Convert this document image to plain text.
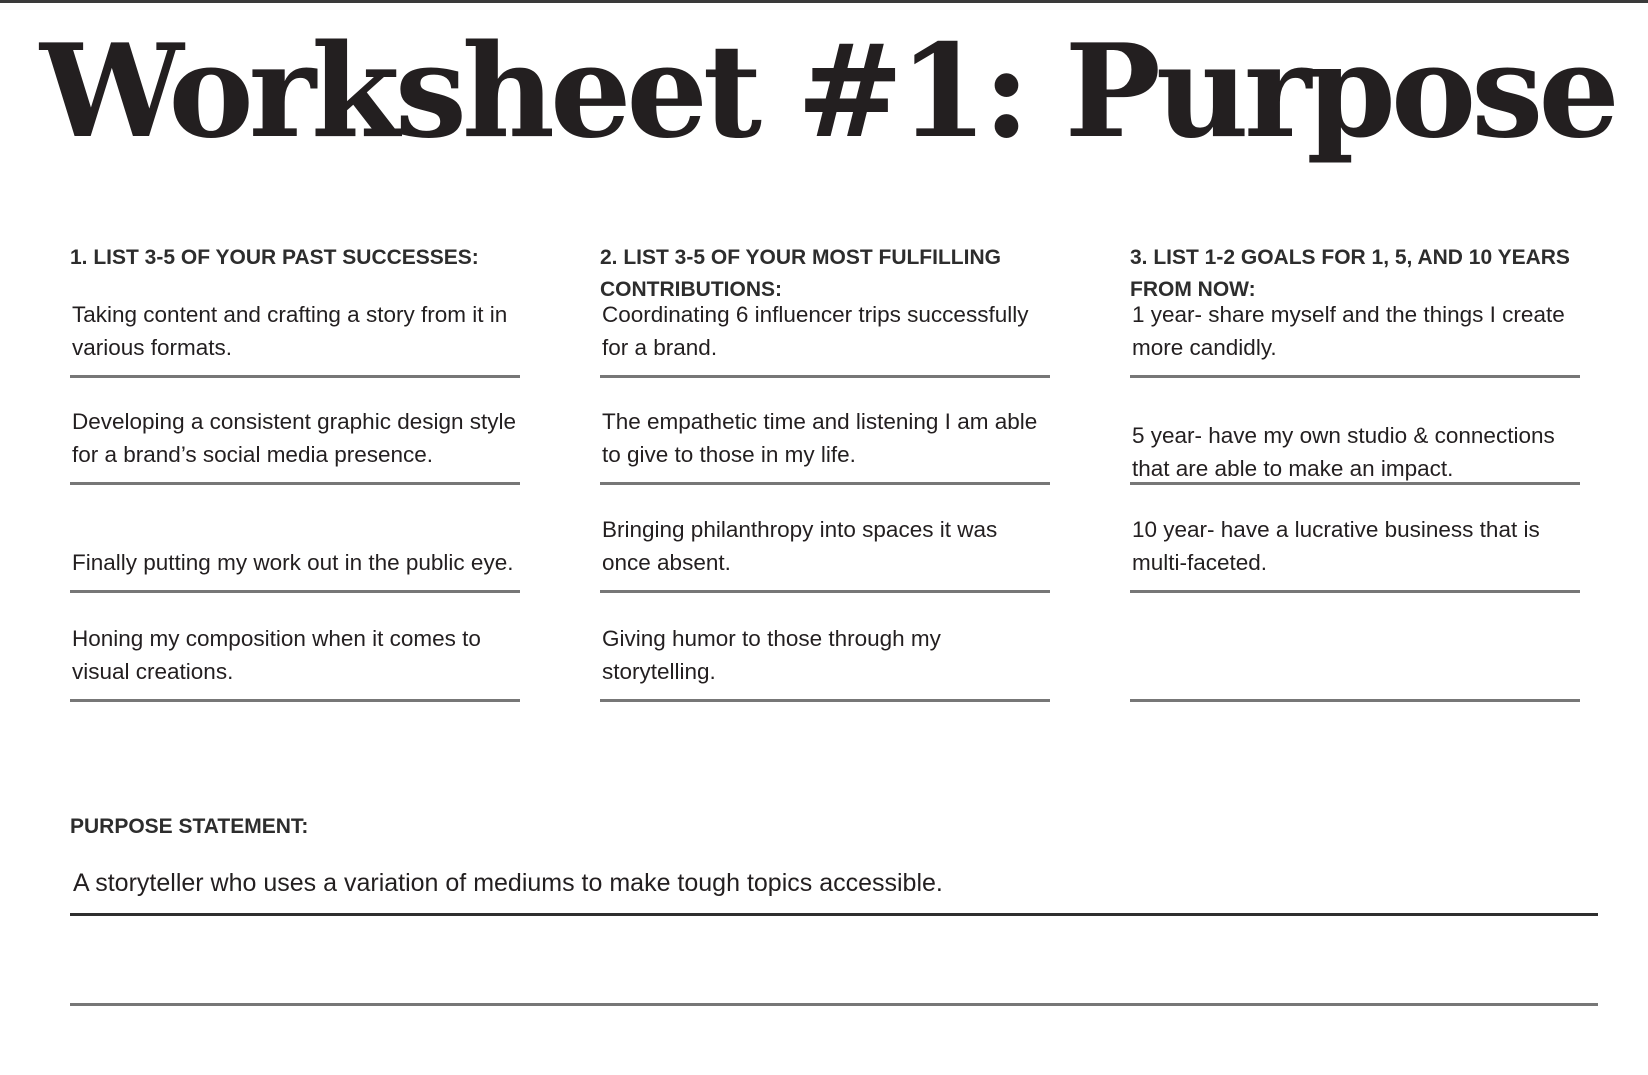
Worksheet #1: Purpose
1. LIST 3-5 OF YOUR PAST SUCCESSES:
Taking content and crafting a story from it in various formats.
Developing a consistent graphic design style for a brand’s social media presence.
Finally putting my work out in the public eye.
Honing my composition when it comes to visual creations.
2. LIST 3-5 OF YOUR MOST FULFILLING CONTRIBUTIONS:
Coordinating 6 influencer trips successfully for a brand.
The empathetic time and listening I am able to give to those in my life.
Bringing philanthropy into spaces it was once absent.
Giving humor to those through my storytelling.
3. LIST 1-2 GOALS FOR 1, 5, AND 10 YEARS FROM NOW:
1 year- share myself and the things I create more candidly.
5 year- have my own studio & connections that are able to make an impact.
10 year- have a lucrative business that is multi-faceted.
PURPOSE STATEMENT:
A storyteller who uses a variation of mediums to make tough topics accessible.
